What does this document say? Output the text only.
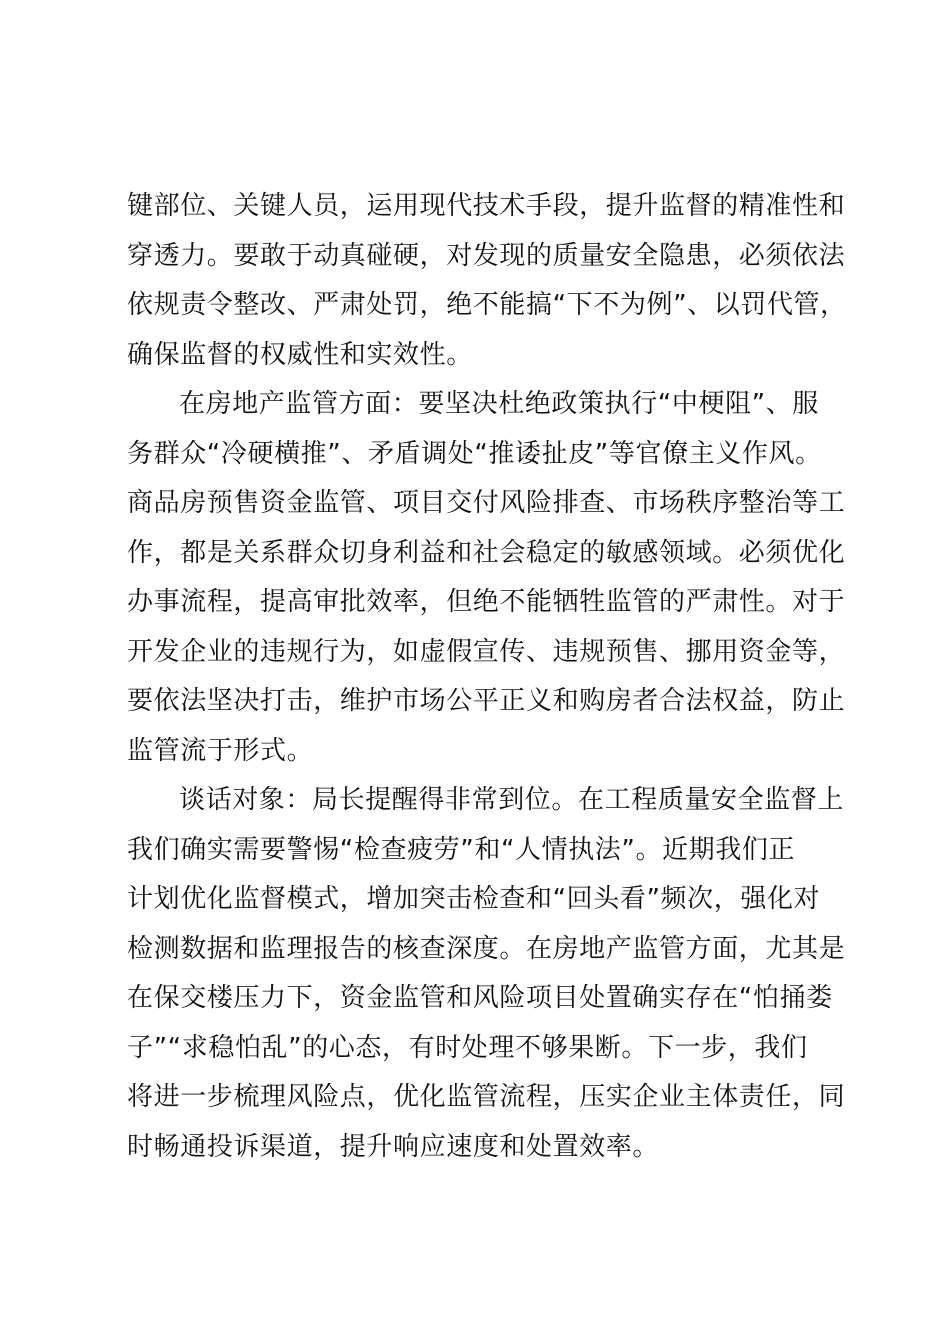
键部位、关键人员，运用现代技术手段，提升监督的精准性和
穿透力。要敢于动真碰硬，对发现的质量安全隐患，必须依法
依规责令整改、严肃处罚，绝不能搞“下不为例”、以罚代管，
确保监督的权威性和实效性。
在房地产监管方面：要坚决杜绝政策执行“中梗阻”、服
务群众“冷硬横推”、矛盾调处“推诿扯皮”等官僚主义作风。
商品房预售资金监管、项目交付风险排查、市场秩序整治等工
作，都是关系群众切身利益和社会稳定的敏感领域。必须优化
办事流程，提高审批效率，但绝不能牺牲监管的严肃性。对于
开发企业的违规行为，如虚假宣传、违规预售、挪用资金等，
要依法坚决打击，维护市场公平正义和购房者合法权益，防止
监管流于形式。
谈话对象：局长提醒得非常到位。在工程质量安全监督上
我们确实需要警惕“检查疲劳”和“人情执法”。近期我们正
计划优化监督模式，增加突击检查和“回头看”频次，强化对
检测数据和监理报告的核查深度。在房地产监管方面，尤其是
在保交楼压力下，资金监管和风险项目处置确实存在“怕捅娄
子”“求稳怕乱”的心态，有时处理不够果断。下一步，我们
将进一步梳理风险点，优化监管流程，压实企业主体责任，同
时畅通投诉渠道，提升响应速度和处置效率。
